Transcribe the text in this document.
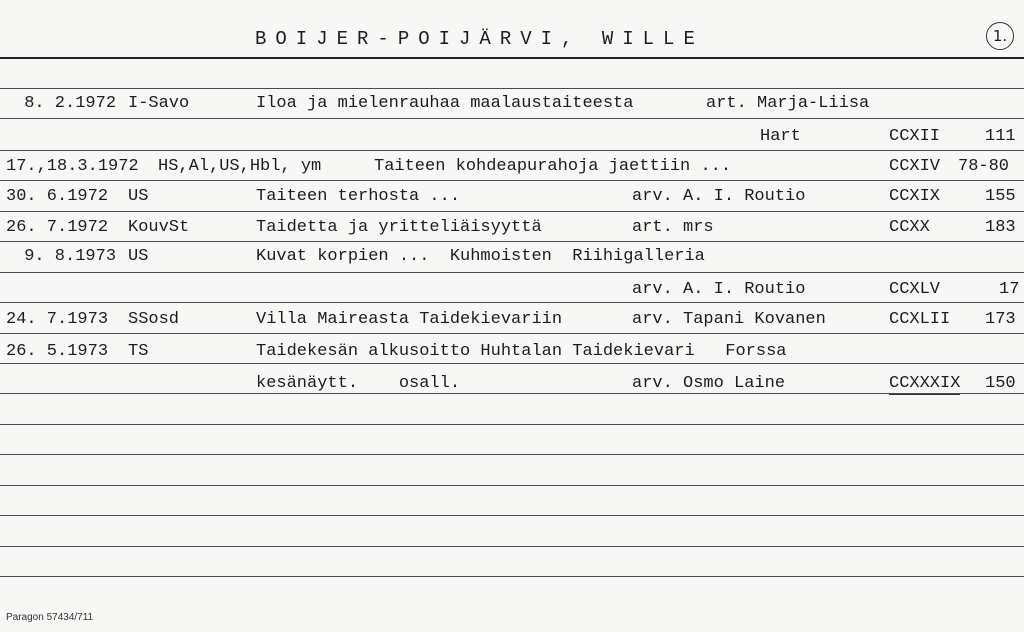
BOIJER-POIJÄRVI, WILLE	1.
8. 2.1972 I-Savo	Iloa ja mielenrauhaa maalaustaiteesta	art. Marja-Liisa
Hart	CCXII	111
17.,18.3.1972 HS,Al,US,Hbl, ym	Taiteen kohdeapurahoja jaettiin ...	CCXIV 78-80
30. 6.1972 US	Taiteen terhosta ...	arv. A. I. Routio	CCXIX	155
26. 7.1972 KouvSt	Taidetta ja yritteliäisyyttä	art. mrs	CCXX	183
9. 8.1973 US	Kuvat korpien ...  Kuhmoisten  Riihigalleria
arv. A. I. Routio	CCXLV	17
24. 7.1973 SSosd	Villa Maireasta Taidekievariin	arv. Tapani Kovanen	CCXLII 173
26. 5.1973 TS	Taidekesän alkusoitto Huhtalan Taidekievari   Forssa
kesänäytt.    osall.	arv. Osmo Laine	CCXXXIX 150
Paragon 57434/711
